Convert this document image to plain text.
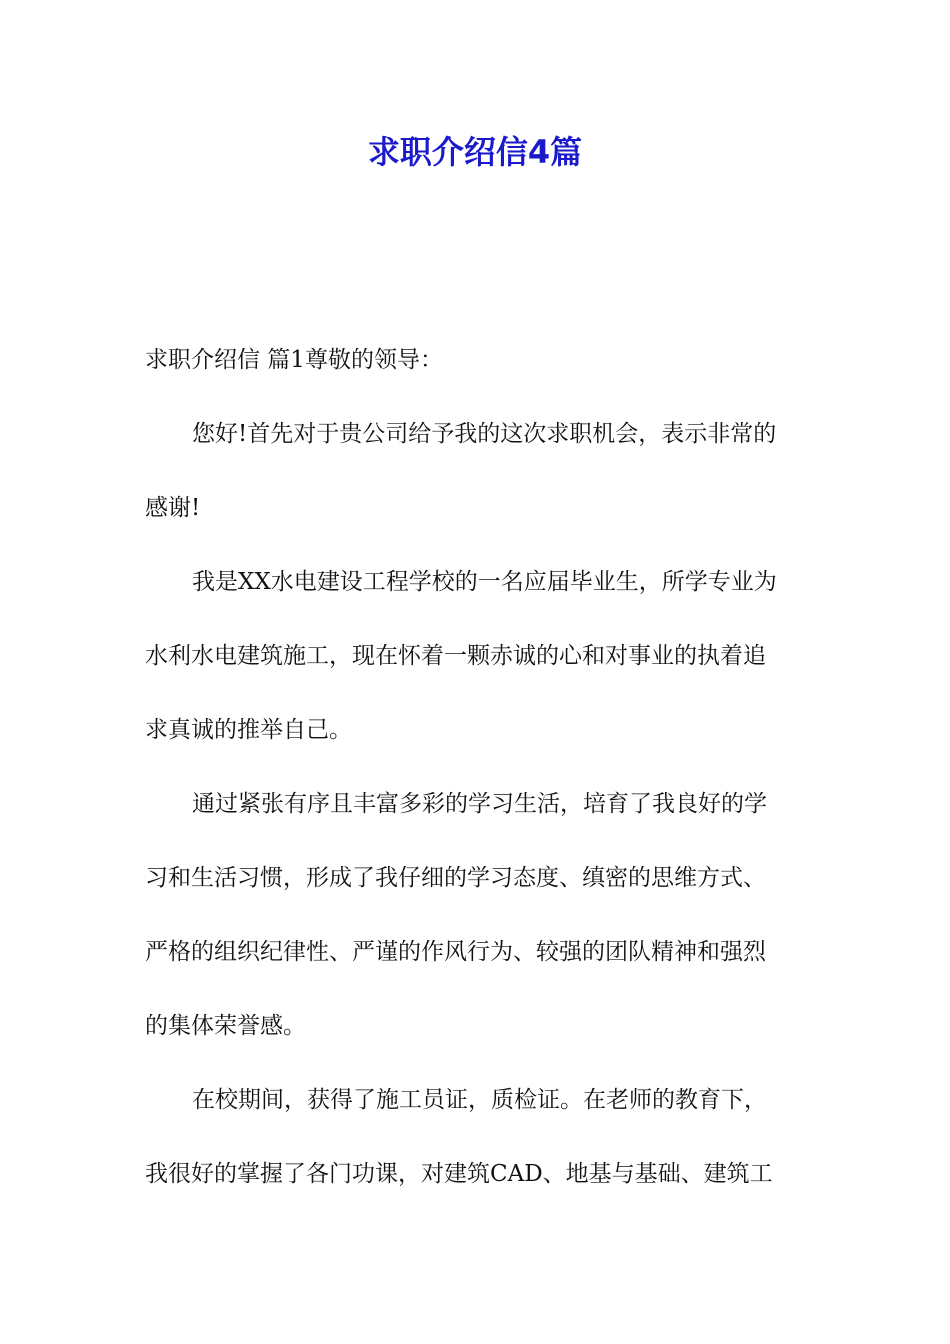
求职介绍信4篇
求职介绍信 篇1尊敬的领导：
您好!首先对于贵公司给予我的这次求职机会，表示非常的
感谢!
我是XX水电建设工程学校的一名应届毕业生，所学专业为
水利水电建筑施工，现在怀着一颗赤诚的心和对事业的执着追
求真诚的推举自己。
通过紧张有序且丰富多彩的学习生活，培育了我良好的学
习和生活习惯，形成了我仔细的学习态度、缜密的思维方式、
严格的组织纪律性、严谨的作风行为、较强的团队精神和强烈
的集体荣誉感。
在校期间，获得了施工员证，质检证。在老师的教育下，
我很好的掌握了各门功课，对建筑CAD、地基与基础、建筑工
